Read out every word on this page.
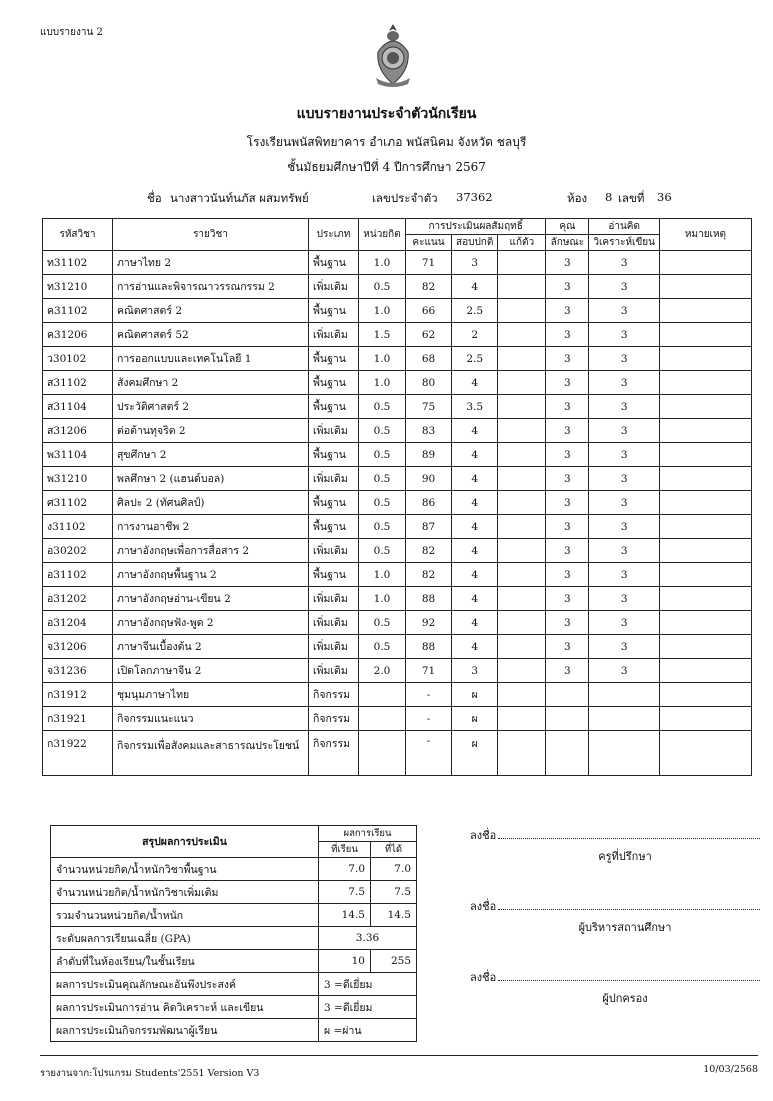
แบบรายงาน 2
แบบรายงานประจำตัวนักเรียน
โรงเรียนพนัสพิทยาคาร อำเภอ พนัสนิคม จังหวัด ชลบุรี
ชั้นมัธยมศึกษาปีที่ 4 ปีการศึกษา 2567
ชื่อ นางสาวนันท์นภัส ผสมทรัพย์	เลขประจำตัว 37362	ห้อง 8 เลขที่ 36
รหัสวิชา	รายวิชา	ประเภท	หน่วยกิต	การประเมินผลสัมฤทธิ์			คุณ	อ่านคิด	หมายเหตุ
				คะแนน	สอบปกติ	แก้ตัว	ลักษณะ	วิเคราะห์เขียน	
ท31102	ภาษาไทย 2	พื้นฐาน	1.0	71	3		3	3	
ท31210	การอ่านและพิจารณาวรรณกรรม 2	เพิ่มเติม	0.5	82	4		3	3	
ค31102	คณิตศาสตร์ 2	พื้นฐาน	1.0	66	2.5		3	3	
ค31206	คณิตศาสตร์ 52	เพิ่มเติม	1.5	62	2		3	3	
ว30102	การออกแบบและเทคโนโลยี 1	พื้นฐาน	1.0	68	2.5		3	3	
ส31102	สังคมศึกษา 2	พื้นฐาน	1.0	80	4		3	3	
ส31104	ประวัติศาสตร์ 2	พื้นฐาน	0.5	75	3.5		3	3	
ส31206	ต่อต้านทุจริต 2	เพิ่มเติม	0.5	83	4		3	3	
พ31104	สุขศึกษา 2	พื้นฐาน	0.5	89	4		3	3	
พ31210	พลศึกษา 2 (แฮนด์บอล)	เพิ่มเติม	0.5	90	4		3	3	
ศ31102	ศิลปะ 2 (ทัศนศิลป์)	พื้นฐาน	0.5	86	4		3	3	
ง31102	การงานอาชีพ 2	พื้นฐาน	0.5	87	4		3	3	
อ30202	ภาษาอังกฤษเพื่อการสื่อสาร 2	เพิ่มเติม	0.5	82	4		3	3	
อ31102	ภาษาอังกฤษพื้นฐาน 2	พื้นฐาน	1.0	82	4		3	3	
อ31202	ภาษาอังกฤษอ่าน-เขียน 2	เพิ่มเติม	1.0	88	4		3	3	
อ31204	ภาษาอังกฤษฟัง-พูด 2	เพิ่มเติม	0.5	92	4		3	3	
จ31206	ภาษาจีนเบื้องต้น 2	เพิ่มเติม	0.5	88	4		3	3	
จ31236	เปิดโลกภาษาจีน 2	เพิ่มเติม	2.0	71	3		3	3	
ก31912	ชุมนุมภาษาไทย	กิจกรรม		-	ผ				
ก31921	กิจกรรมแนะแนว	กิจกรรม		-	ผ				
ก31922	กิจกรรมเพื่อสังคมและสาธารณประโยชน์	กิจกรรม		-	ผ				
สรุปผลการประเมิน	ผลการเรียน	
	ที่เรียน	ที่ได้
จำนวนหน่วยกิต/น้ำหนักวิชาพื้นฐาน	7.0	7.0
จำนวนหน่วยกิต/น้ำหนักวิชาเพิ่มเติม	7.5	7.5
รวมจำนวนหน่วยกิต/น้ำหนัก	14.5	14.5
ระดับผลการเรียนเฉลี่ย (GPA)	3.36	
ลำดับที่ในห้องเรียน/ในชั้นเรียน	10	255
ผลการประเมินคุณลักษณะอันพึงประสงค์	3 =ดีเยี่ยม	
ผลการประเมินการอ่าน คิดวิเคราะห์ และเขียน	3 =ดีเยี่ยม	
ผลการประเมินกิจกรรมพัฒนาผู้เรียน	ผ =ผ่าน	
ลงชื่อ
ครูที่ปรึกษา
ลงชื่อ
ผู้บริหารสถานศึกษา
ลงชื่อ
ผู้ปกครอง
รายงานจาก:โปรแกรม Students'2551 Version V3	10/03/2568
